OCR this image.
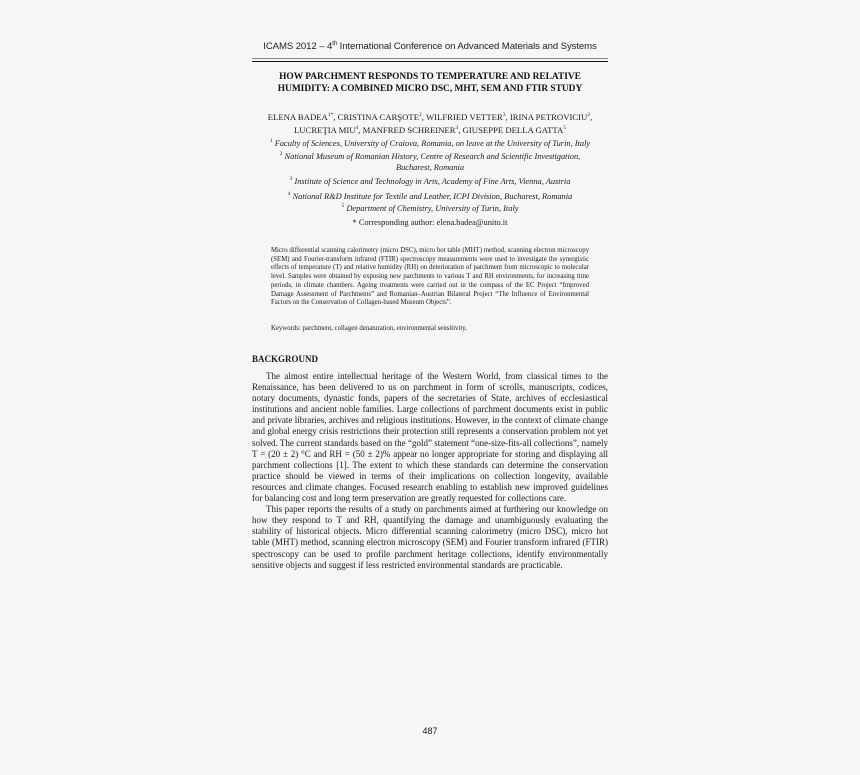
ICAMS 2012 – 4th International Conference on Advanced Materials and Systems
HOW PARCHMENT RESPONDS TO TEMPERATURE AND RELATIVE
HUMIDITY: A COMBINED MICRO DSC, MHT, SEM AND FTIR STUDY
ELENA $BADEA^{1*}$, CRISTINA CARŞOTE$^2$, WILFRIED VETTER$^3$, IRINA PETROVICIU$^2$,
LUCREŢIA MIU$^4$, MANFRED SCHREINER$^3$, GIUSEPPE DELLA GATTA$^5$
$^1$ Faculty of Sciences, University of Craiova, Romania, on leave at the University of Turin, Italy
$^2$ National Museum of Romanian History, Centre of Research and Scientific Investigation, Bucharest, Romania
$^3$ Institute of Science and Technology in Arts, Academy of Fine Arts, Vienna, Austria
$^4$ National R&D Institute for Textile and Leather, ICPI Division, Bucharest, Romania
$^5$ Department of Chemistry, University of Turin, Italy
* Corresponding author: elena.badea@unito.it
Micro differential scanning calorimetry (micro DSC), micro hot table (MHT) method, scanning electron microscopy (SEM) and Fourier-transform infrared (FTIR) spectroscopy measurements were used to investigate the synergistic effects of temperature (T) and relative humidity (RH) on deterioration of parchment from microscopic to molecular level. Samples were obtained by exposing new parchments to various T and RH environments, for increasing time periods, in climate chambers. Ageing treatments were carried out in the compass of the EC Project “Improved Damage Assessment of Parchments” and Romanian–Austrian Bilateral Project “The Influence of Environmental Factors on the Conservation of Collagen-based Museum Objects”.
Keywords: parchment, collagen denaturation, environmental sensitivity,
BACKGROUND

The almost entire intellectual heritage of the Western World, from classical times to the Renaissance, has been delivered to us on parchment in form of scrolls, manuscripts, codices, notary documents, dynastic fonds, papers of the secretaries of State, archives of ecclesiastical institutions and ancient noble families. Large collections of parchment documents exist in public and private libraries, archives and religious institutions. However, in the context of climate change and global energy crisis restrictions their protection still represents a conservation problem not yet solved. The current standards based on the “gold” statement “one-size-fits-all collections”, namely T = (20 ± 2) °C and RH = (50 ± 2)% appear no longer appropriate for storing and displaying all parchment collections [1]. The extent to which these standards can determine the conservation practice should be viewed in terms of their implications on collection longevity, available resources and climate changes. Focused research enabling to establish new improved guidelines for balancing cost and long term preservation are greatly requested for collections care.

This paper reports the results of a study on parchments aimed at furthering our knowledge on how they respond to T and RH, quantifying the damage and unambiguously evaluating the stability of historical objects. Micro differential scanning calorimetry (micro DSC), micro hot table (MHT) method, scanning electron microscopy (SEM) and Fourier transform infrared (FTIR) spectroscopy can be used to profile parchment heritage collections, identify environmentally sensitive objects and suggest if less restricted environmental standards are practicable.

487
